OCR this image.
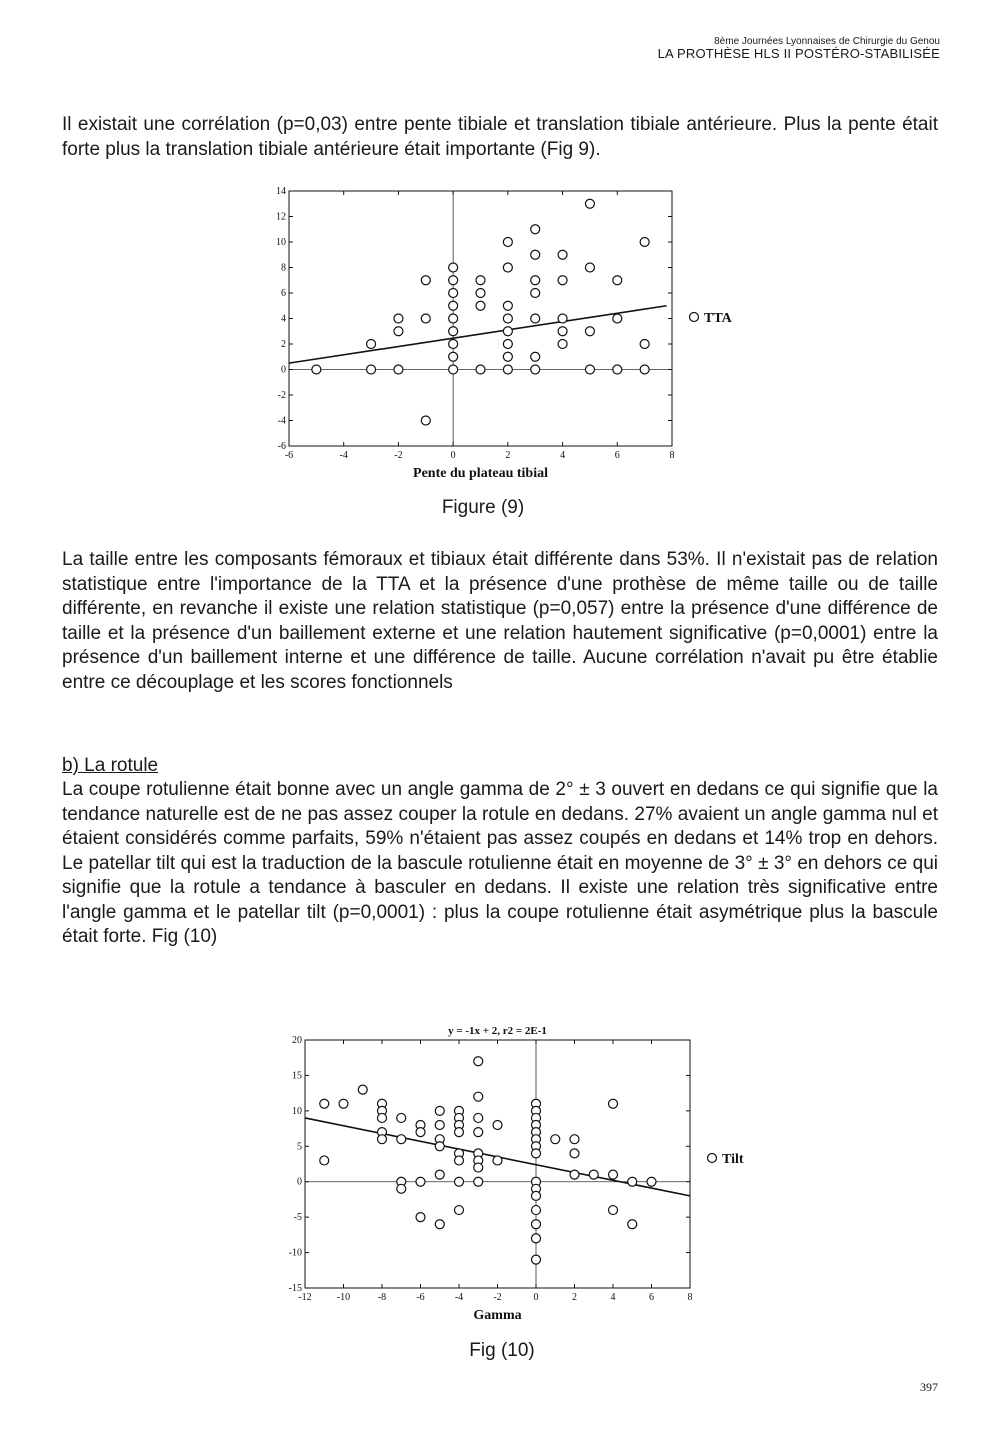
8ème Journées Lyonnaises de Chirurgie du Genou
LA PROTHÈSE HLS II POSTÉRO-STABILISÉE

Il existait une corrélation (p=0,03) entre pente tibiale et translation tibiale antérieure. Plus la pente était forte plus la translation tibiale antérieure était importante (Fig 9).

-6	-4	-2	0	2	4	6	8
-6
-4
-2
0
2
4
6
8
10
12
14
Pente du plateau tibial
TTA
-12	-10	-8	-6	-4	-2	0	2	4	6	8
-15
-10
-5
0
5
10
15
20
Gamma
y = -1x + 2, r2 = 2E-1
Tilt
Figure (9)

La taille entre les composants fémoraux et tibiaux était différente dans 53%. Il n'existait pas de relation statistique entre l'importance de la TTA et la présence d'une prothèse de même taille ou de taille différente, en revanche il existe une relation statistique (p=0,057) entre la présence d'une différence de taille et la présence d'un baillement externe et une relation hautement significative (p=0,0001) entre la présence d'un baillement interne et une différence de taille. Aucune corrélation n'avait pu être établie entre ce découplage et les scores fonctionnels

b) La rotule

La coupe rotulienne était bonne avec un angle gamma de 2° ± 3 ouvert en dedans ce qui signifie que la tendance naturelle est de ne pas assez couper la rotule en dedans. 27% avaient un angle gamma nul et étaient considérés comme parfaits, 59% n'étaient pas assez coupés en dedans et 14% trop en dehors. Le patellar tilt qui est la traduction de la bascule rotulienne était en moyenne de 3° ± 3° en dehors ce qui signifie que la rotule a tendance à basculer en dedans. Il existe une relation très significative entre l'angle gamma et le patellar tilt (p=0,0001) : plus la coupe rotulienne était asymétrique plus la bascule était forte. Fig (10)

Fig (10)
397
